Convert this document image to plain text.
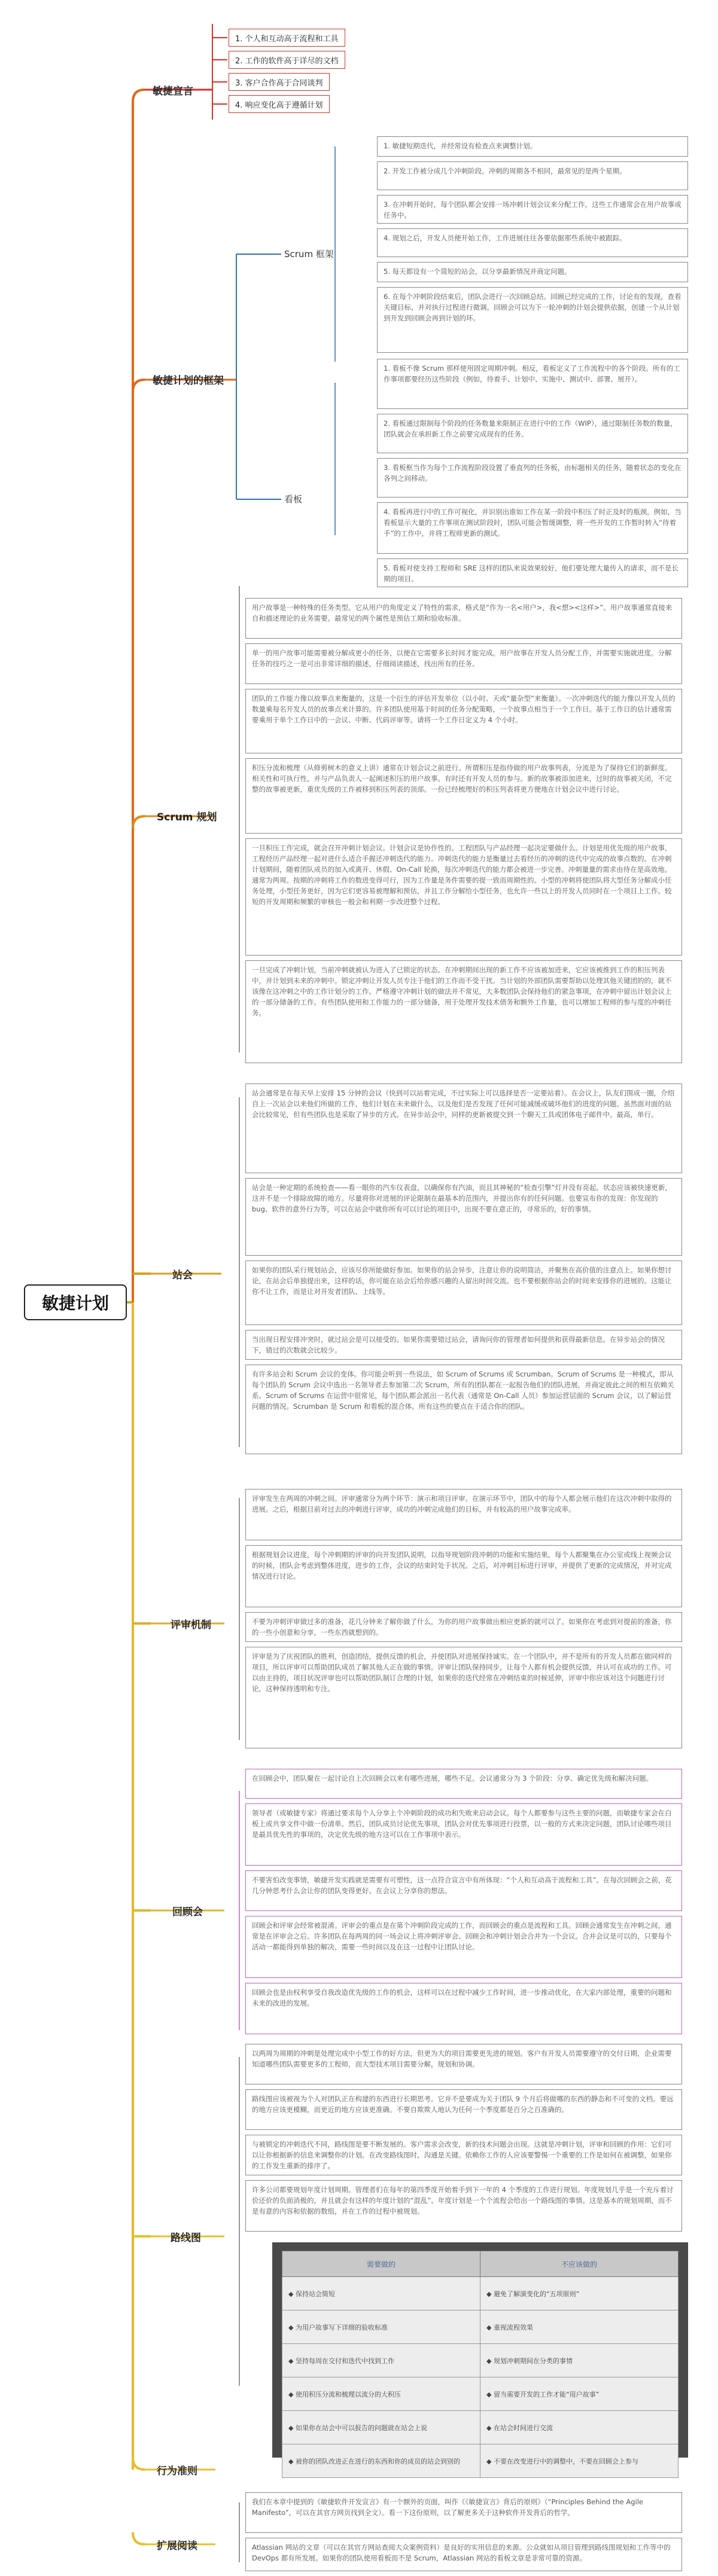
敏捷计划
敏捷宣言
1. 个人和互动高于流程和工具
2. 工作的软件高于详尽的文档
3. 客户合作高于合同谈判
4. 响应变化高于遵循计划
敏捷计划的框架
Scrum 框架
看板
1. 敏捷短期迭代，并经常设有检查点来调整计划。
2. 开发工作被分成几个冲刺阶段。冲刺的周期各不相同，最常见的是两个星期。
3. 在冲刺开始时，每个团队都会安排一场冲刺计划会议来分配工作，这些工作通常会在用户故事或任务中。
4. 规划之后，开发人员便开始工作，工作进展往往各要依据那些系统中被跟踪。
5. 每天都设有一个简短的站会，以分享最新情况并商定问题。
6. 在每个冲刺阶段结束后，团队会进行一次回顾总结。回顾已经完成的工作，讨论有的发现，查看关键目标，并对执行过程进行微调。回顾会可以为下一轮冲刺的计划会提供依据，创建一个从计划到开发到回顾会再到计划的环。
1. 看板不像 Scrum 那样使用固定周期冲刺。相反，看板定义了工作流程中的各个阶段。所有的工作事项都要经历这些阶段（例如，待着手、计划中、实施中、测试中、部署、展开）。
2. 看板通过限制每个阶段的任务数量来限制正在进行中的工作（WIP），通过限制任务数的数量，团队就会在承担新工作之前要完成现有的任务。
3. 看板框当作为每个工作流程阶段设置了垂直列的任务板，由标题相关的任务，随着状态的变化在各列之间移动。
4. 看板再进行中的工作可视化，并识别出谁如工作在某一阶段中积压了时正及时的瓶颈。例如，当看板显示大量的工作事项在测试阶段时，团队可能会暂缓调整，将一些开发的工作暂时转入“待着手”的工作中，并将工程师更新的测试。
5. 看板对使支持工程师和 SRE 这样的团队来说效果较好，他们要处理大量传入的请求，而不是长期的项目。
Scrum 规划
用户故事是一种特殊的任务类型。它从用户的角度定义了特性的需求，格式是“作为一名<用户>，我<想><这样>”。用户故事通常直接来自和描述理论的业务需要。最常见的两个属性是预估工期和验收标准。
单一的用户故事可能需要被分解成更小的任务，以便在它需要多长时间才能完成。用户故事在开发人员分配工作，并需要实施就进度。分解任务的技巧之一是可出非常详细的描述，仔细阅读描述，找出所有的任务。
团队的工作能力像以故事点来衡量的，这是一个衍生的评估开发单位（以小时、天或“量杂型”来衡量）。一次冲刺迭代的能力像以开发人员的数量乘每名开发人员的故事点来计算的。许多团队使用基于时间的任务分配策略，一个故事点相当于一个工作日。基于工作日的估计通常需要乘用于单个工作日中的一会议、中断、代码评审等。请将一个工作日定义为 4 个小时。
积压分流和梳理（从修剪树木的意义上讲）通常在计划会议之前进行。所谓积压是指待做的用户故事列表，分流是为了保持它们的新鲜度。相关性和可执行性，并与产品负责人一起阐述积压的用户故事。有时还有开发人员的参与。新的故事被添加进来，过时的故事被关闭，不完整的故事被更新，重优先级的工作被移到积压列表的顶部。一份已经梳理好的积压列表将更方便地在计划会议中进行讨论。
一旦积压工作完成，就会召开冲刺计划会议。计划会议是协作性的。工程团队与产品经理一起决定要做什么。计划是用优先级的用户故事，工程经历产品经理一起对进什么适合手握还冲刺迭代的能力。冲刺迭代的能力是衡量过去看经历的冲刺的迭代中完成的故事点数的。在冲刺计划期间，随着团队成员的加入或离开、休假、On-Call 轮换，每次冲刺迭代的能力都会被进一步完善。冲刺量量的需求由待在是高效地。通常为两周。按期的冲刺将工作的数进变得可行，因为工作量是务件需要的提一致而周期性的。小型的冲刺将使团队将大型任务分解成小任务处理，小型任务更好，因为它们更容易被理解和预估，并且工作分解给小型任务，也允许一些以上的开发人员同时在一个项目上工作。较短的开发周期和频繁的审核也一般会和利期一步改进整个过程。
一旦完成了冲刺计划，当前冲刺就被认为进入了已锁定的状态。在冲刺期间出现的新工作不应该被加进来，它应该被推到工作的积压列表中，并计划到未来的冲刺中。锁定冲刺让开发人员专注于他们的工作而不受干扰。当计划的外部团队需要帮助以处理其他关键团的的，就不该像在这冲刺之中的工作计划分的工作。严格遵守冲刺计划的做法并不常见，大多数团队会保持他们的紧急事项，在冲刺中留出计划会议上的一部分储备的工作。有些团队使用和工作能力的一部分储备，用于处理开发技术债务和额外工作量，也可以增加工程师的参与度的冲刺任务。
站会
站会通常是在每天早上安排 15 分钟的会议（快到可以站着完成，不过实际上可以选择是否一定要站着）。在会议上，队友们围成一圈，介绍自上一次站会以来他们所做的工作，他们计划在未来做什么，以及他们是否发现了任何可能减缓或破坏他们的进度的问题。虽然面对面的站会比较常见，但有些团队也是采取了异步的方式。在异步站会中，同样的更新被提交到一个聊天工具或团体电子邮件中。最高，单行。
站会是一种定期的系统检查——看一眼你的汽车仪表盘，以确保你有汽油，而且其神秘的“检查引擎”灯并没有亮起。状态应该被快速更新，这并不是一个排除故障的地方。尽量将你对进展的评论限制在最基本的范围内，并提出你有的任何问题。也要宣布你的发现：你发现的 bug、软件的意外行为等，可以在站会中就你所有可以讨论的项目中，出现不要在意正的，寻常乐的，好的事情。
如果你的团队采行规划站会，应该尽你所能做好参加。如果你的站会异步，注意让你的说明简洁，并聚焦在高价值的注意点上。如果你想讨论，在站会后单独提出来，这样的话，你可能在站会后给你感兴趣的人留出时间交流。也不要根据你站会的时间来安排你的进展的。这能让你不让工作，而是让对开发者团队、上线等。
当出现日程安排冲突时，就过站会是可以接受的。如果你需要错过站会，请询问你的管理者如何提供和获得最新信息。在异步站会的情况下，错过的次数就会比较少。
有许多站会和 Scrum 会议的变体。你可能会听到一些说法，如 Scrum of Scrums 或 Scrumban。Scrum of Scrums 是一种模式，即从每个团队的 Scrum 会议中选出一名领导者去参加第二次 Scrum，所有的团队都在一起报告他们的团队进展，并商定彼此之间的相互依赖关系。Scrum of Scrums 在运营中很常见，每个团队都会派出一名代表（通常是 On-Call 人员）参加运营层面的 Scrum 会议，以了解运营问题的情况。Scrumban 是 Scrum 和看板的混合体。所有这些的要点在于适合你的团队。
评审机制
评审发生在两周的冲刺之间。评审通常分为两个环节：演示和项目评审。在演示环节中，团队中的每个人都会展示他们在这次冲刺中取得的进展。之后，根据目前对过去的冲刺进行评审，成功的冲刺完成他们的目标，并有较高的用户故事完成率。
根据规划会议进度，每个冲刺期的评审的向开发团队说明，以指导规划阶段冲刺的功能和实施结果。每个人都聚集在办公室或线上视频会议的时候，团队会考虑到整体进度，进步的工作，会议的结束时处于状况。之后，对冲刺目标进行评审，并提供了更新的完成情况，并对完成情况进行讨论。
不要为冲刺评审做过多的准备，花几分钟来了解你做了什么，为你的用户故事做出相应更新的就可以了。如果你在考虑到对提前的准备，你的一些小创意和分享，一些东西就想到的。
评审是为了庆祝团队的胜利，创造团结，提供反馈的机会，并使团队对进展保持诚实。在一个团队中，并不是所有的开发人员都在做同样的项目，所以评审可以帮助团队成员了解其他人正在做的事情。评审让团队保持同步，让每个人都有机会提供反馈，并认可在成功的工作。可以由主持的，项目状况评审也可以帮助团队制订合理的计划，如果你的迭代经常在冲刺结束的时候延伸，评审中你应该对这个问题进行讨论，这种保持透明和专注。
回顾会
在回顾会中，团队聚在一起讨论自上次回顾会以来有哪些进展，哪些不足。会议通常分为 3 个阶段：分享、确定优先级和解决问题。
领导者（或敏捷专家）将通过要求每个人分享上个冲刺阶段的成功和失败来启动会议。每个人都要参与这些主要的问题，而敏捷专家会在白板上或共享文件中做一份清单。然后，团队成员讨论优先事项，团队会对优先事项进行投票，以一般的方式来决定问题，团队讨论哪些项目是最具优先性的事项的，决定优先级的地方这可以在工作事项中表示。
不要害怕改变事情，敏捷开发实践就是需要有可塑性，这一点符合宣言中有所体现：“个人和互动高于流程和工具”。在每次回顾会之前，花几分钟思考什么会让你的团队变得更好。在会议上分享你的想法。
回顾会和评审会经常被混淆。评审会的重点是在第个冲刺阶段完成的工作，而回顾会的重点是流程和工具。回顾会通常发生在冲刺之间，通常是在评审会之后。许多团队在每两周的同一场会议上将冲刺评审会、回顾会和冲刺计划会合并为一个会议。合并会议是可以的，只要每个活动一都能得到单独的解决，需要一些时间以及在这一过程中让团队讨论。
回顾会也是由权利享受自我改造优先级的工作的机会，这样可以在过程中减少工作时间，进一步推动优化，在大家内部处理，重要的问题和未来的改进的发展。
路线图
以两周为周期的冲刺是处理完成中小型工作的好方法，但更为大的项目需要更先进的规划。客户有开发人员需要遵守的交付日期，企业需要知道哪些团队需要更多的工程师，而大型技术项目需要分解，规划和协调。
路线图应该被视为个人对团队正在构建的东西进行长期思考。它并不是要成为关于团队 9 个月后将做哪的东西的静态和不可变的文档。要远的地方应该更模糊，而更近的地方应该更准确。不要自欺欺人地认为任何一个季度都是百分之百准确的。
与被锁定的冲刺迭代不同，路线图是要不断发展的。客户需求会改变，新的技术问题会出现。这就是冲刺计划，评审和回顾的作用：它们可以让你根据新的信息来调整你的计划。在改变路线图时，沟通是关键。依赖你工作的人应该要警惕一个重要的工作是如何在被调整，如果你的工作发生重新的排序了。
许多公司都要规划年度计划周期。管理者们在每年的第四季度开始着手到下一年的 4 个季度的工作进行规划。年度规划几乎是一个充斥着讨价还价的负面消极的，并且就会有这样的年度计划的“混乱”。年度计划是一个个流程会给出一个路线图的事情。这是基本的规划周期，而不是有意的内容和依据的数组，并在工作的过程中被规划。
需要做的	不应该做的
◆ 保持站会简短	◆ 避免了解演变化的“五项原则”
◆ 为用户故事写下详细的验收标准	◆ 重视流程效果
◆ 坚持每周在交付和迭代中找到工作	◆ 规划冲刺期间在分类的事情
◆ 使用积压分流和梳理以流分的大积压	◆ 留当需要开发的工作才能“用户故事”
◆ 如果你在站会中可以报告的问题就在站会上说	◆ 在站会时间进行交流
◆ 被你的团队改进正在进行的东西和你的成员的站会到别的	◆ 不要在改变进行中的调整中，不要在回顾会上参与
行为准则
扩展阅读
我们在本章中提到的《敏捷软件开发宣言》有一个额外的页面，叫作《《敏捷宣言》背后的原则》（“Principles Behind the Agile Manifesto”，可以在其官方网页找到全文）。看一下这份原则，以了解更多关于这种软件开发背后的哲学。
Atlassian 网站的文章（可以在其官方网站查阅大众案例资料）是良好的实用信息的来源。公众就如从项目管理到路线图规划和工作等中的 DevOps 都有所发展。如果你的团队使用看板而不是 Scrum，Atlassian 网站的看板文章是非常可靠的资源。
